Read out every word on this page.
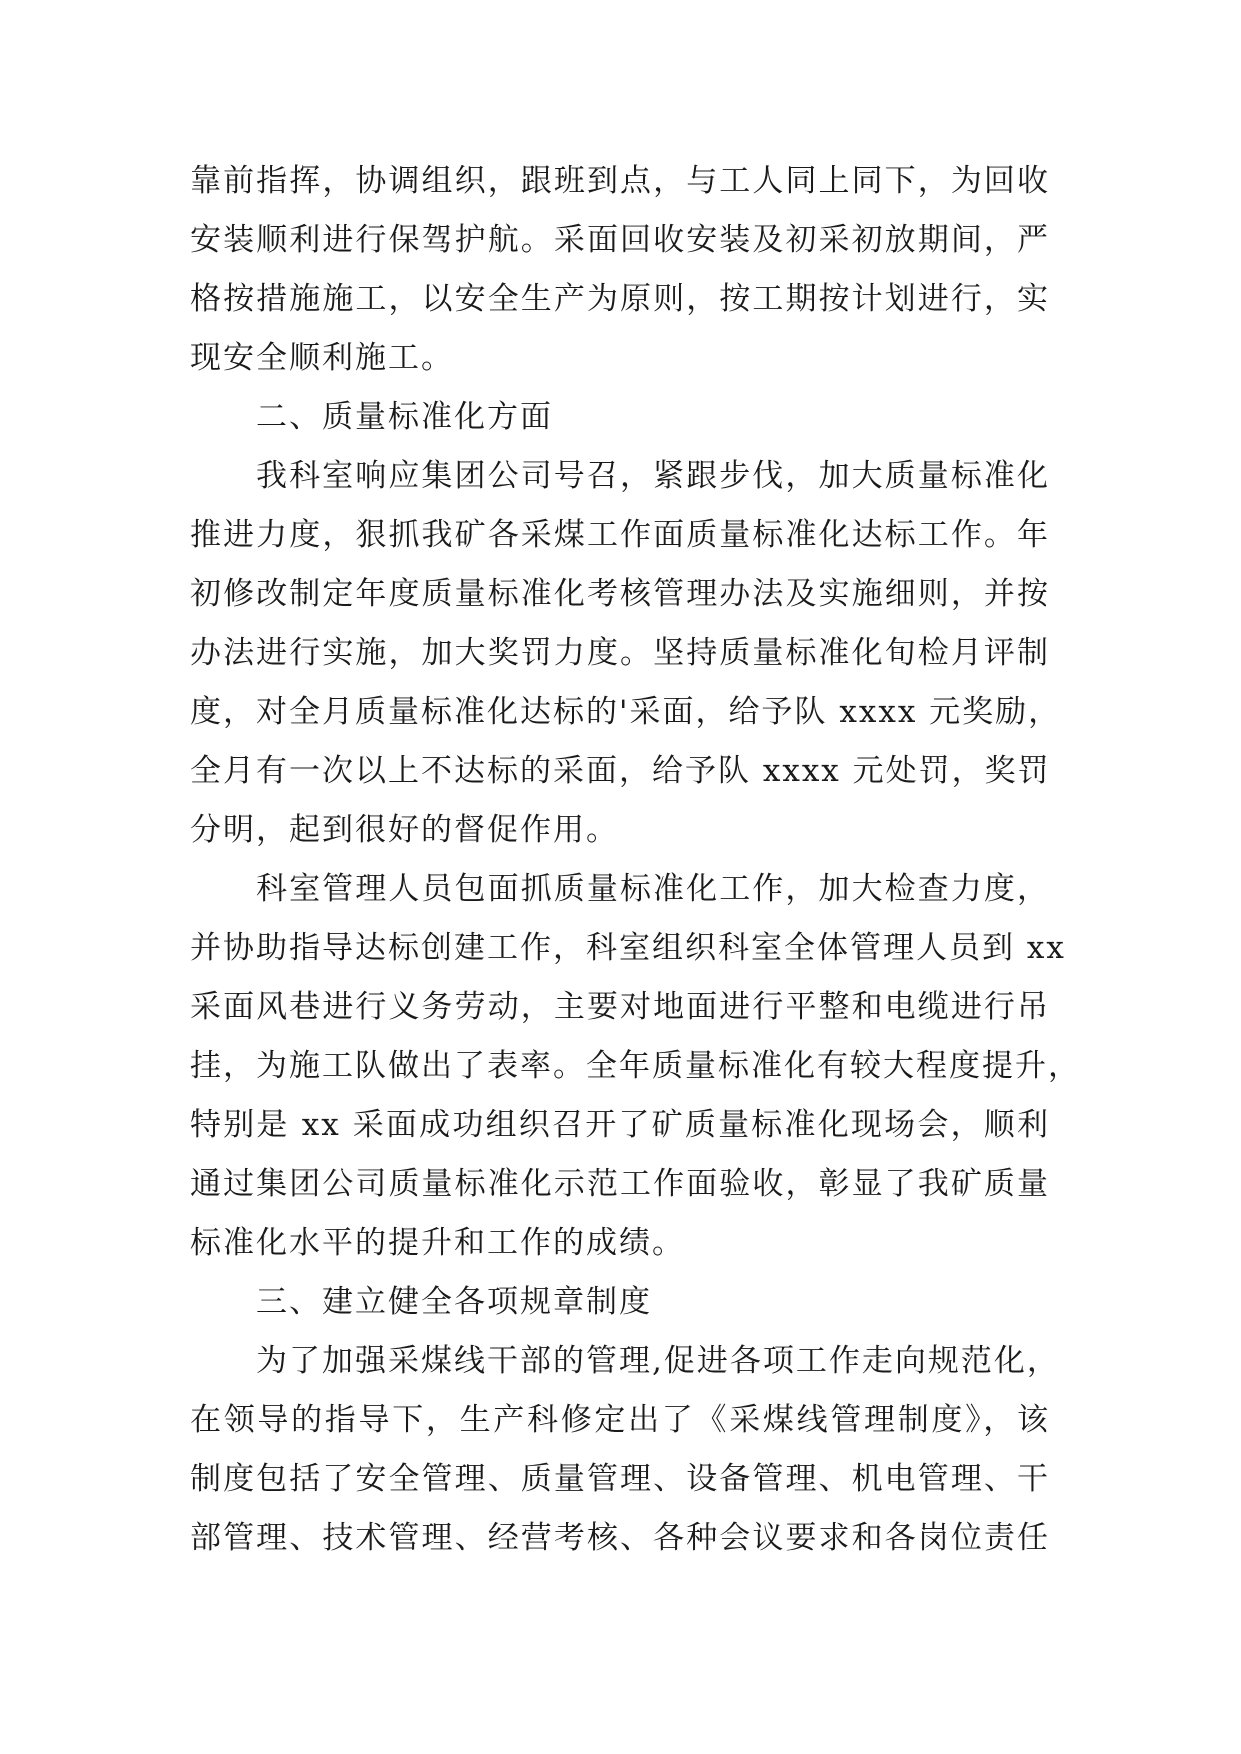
靠前指挥，协调组织，跟班到点，与工人同上同下，为回收
安装顺利进行保驾护航。采面回收安装及初采初放期间，严
格按措施施工，以安全生产为原则，按工期按计划进行，实
现安全顺利施工。
二、质量标准化方面
我科室响应集团公司号召，紧跟步伐，加大质量标准化
推进力度，狠抓我矿各采煤工作面质量标准化达标工作。年
初修改制定年度质量标准化考核管理办法及实施细则，并按
办法进行实施，加大奖罚力度。坚持质量标准化旬检月评制
度，对全月质量标准化达标的'采面，给予队 xxxx 元奖励，
全月有一次以上不达标的采面，给予队 xxxx 元处罚，奖罚
分明，起到很好的督促作用。
科室管理人员包面抓质量标准化工作，加大检查力度，
并协助指导达标创建工作，科室组织科室全体管理人员到 xx
采面风巷进行义务劳动，主要对地面进行平整和电缆进行吊
挂，为施工队做出了表率。全年质量标准化有较大程度提升，
特别是 xx 采面成功组织召开了矿质量标准化现场会，顺利
通过集团公司质量标准化示范工作面验收，彰显了我矿质量
标准化水平的提升和工作的成绩。
三、建立健全各项规章制度
为了加强采煤线干部的管理,促进各项工作走向规范化，
在领导的指导下，生产科修定出了《采煤线管理制度》，该
制度包括了安全管理、质量管理、设备管理、机电管理、干
部管理、技术管理、经营考核、各种会议要求和各岗位责任
